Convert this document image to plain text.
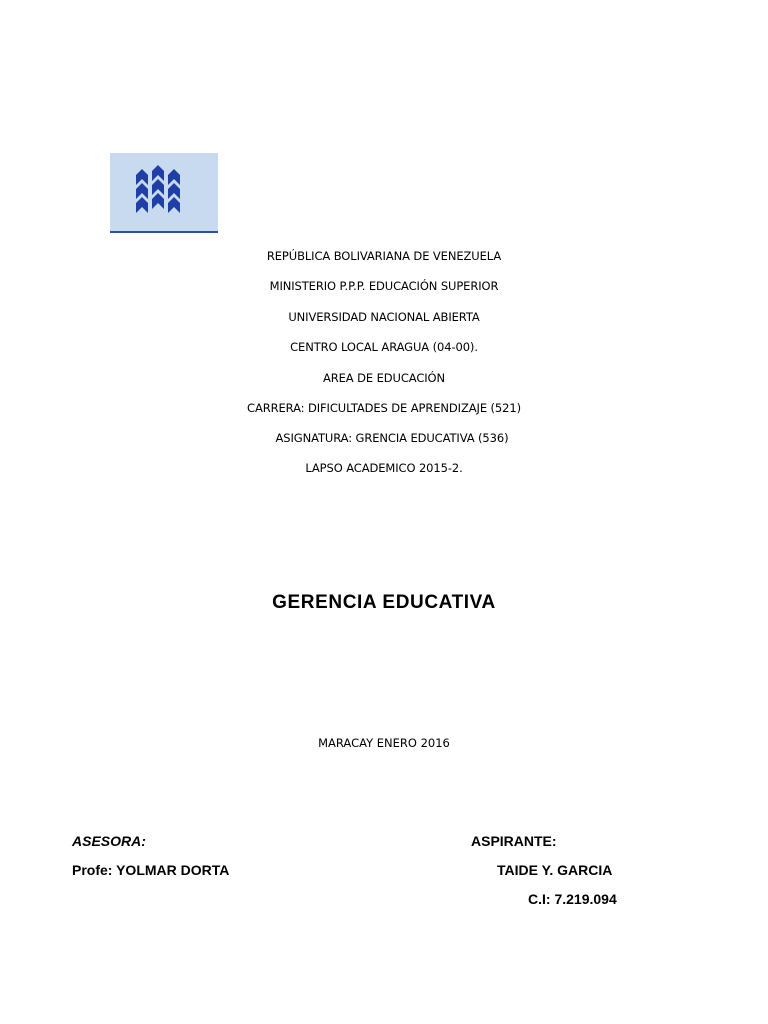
REPÚBLICA BOLIVARIANA DE VENEZUELA
MINISTERIO P.P.P. EDUCACIÓN SUPERIOR
UNIVERSIDAD NACIONAL ABIERTA
CENTRO LOCAL ARAGUA (04-00).
AREA DE EDUCACIÓN
CARRERA: DIFICULTADES DE APRENDIZAJE (521)
ASIGNATURA: GRENCIA EDUCATIVA (536)
LAPSO ACADEMICO 2015-2.
GERENCIA EDUCATIVA
MARACAY ENERO 2016
ASESORA:
Profe: YOLMAR DORTA
ASPIRANTE:
TAIDE Y. GARCIA
C.I: 7.219.094
